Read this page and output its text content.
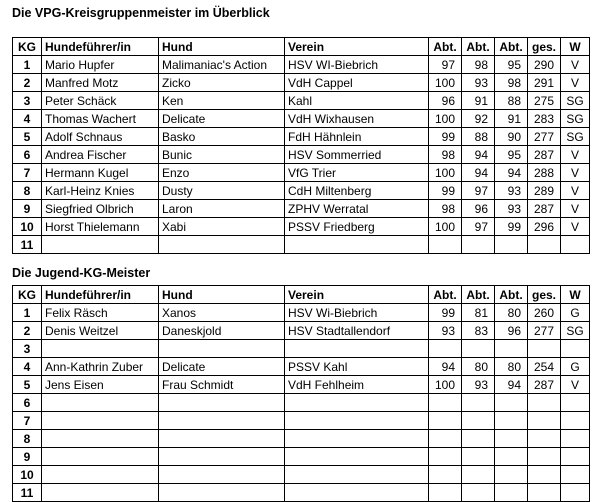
Die VPG-Kreisgruppenmeister im Überblick
KG	Hundeführer/in	Hund	Verein	Abt.	Abt.	Abt.	ges.	W
1	Mario Hupfer	Malimaniac's Action	HSV WI-Biebrich	97	98	95	290	V
2	Manfred Motz	Zicko	VdH Cappel	100	93	98	291	V
3	Peter Schäck	Ken	Kahl	96	91	88	275	SG
4	Thomas Wachert	Delicate	VdH Wixhausen	100	92	91	283	SG
5	Adolf Schnaus	Basko	FdH Hähnlein	99	88	90	277	SG
6	Andrea Fischer	Bunic	HSV Sommerried	98	94	95	287	V
7	Hermann Kugel	Enzo	VfG Trier	100	94	94	288	V
8	Karl-Heinz Knies	Dusty	CdH Miltenberg	99	97	93	289	V
9	Siegfried Olbrich	Laron	ZPHV Werratal	98	96	93	287	V
10	Horst Thielemann	Xabi	PSSV Friedberg	100	97	99	296	V
11								
Die Jugend-KG-Meister
KG	Hundeführer/in	Hund	Verein	Abt.	Abt.	Abt.	ges.	W
1	Felix Räsch	Xanos	HSV Wi-Biebrich	99	81	80	260	G
2	Denis Weitzel	Daneskjold	HSV Stadtallendorf	93	83	96	277	SG
3								
4	Ann-Kathrin Zuber	Delicate	PSSV Kahl	94	80	80	254	G
5	Jens Eisen	Frau Schmidt	VdH Fehlheim	100	93	94	287	V
6								
7								
8								
9								
10								
11								
